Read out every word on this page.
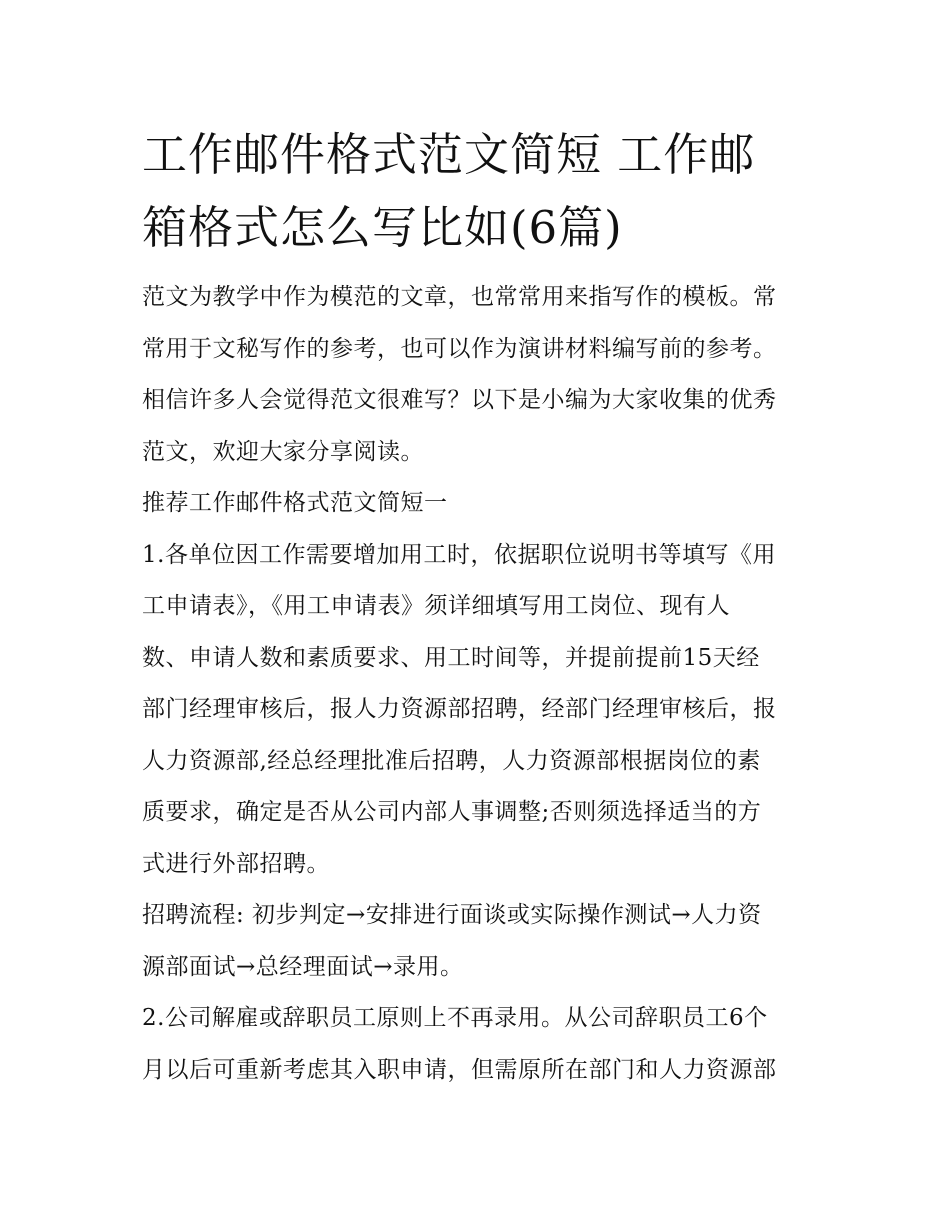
工作邮件格式范文简短 工作邮
箱格式怎么写比如(6篇)

范文为教学中作为模范的文章，也常常用来指写作的模板。常
常用于文秘写作的参考，也可以作为演讲材料编写前的参考。
相信许多人会觉得范文很难写？以下是小编为大家收集的优秀
范文，欢迎大家分享阅读。

推荐工作邮件格式范文简短一

1.各单位因工作需要增加用工时，依据职位说明书等填写《用
工申请表》，《用工申请表》须详细填写用工岗位、现有人
数、申请人数和素质要求、用工时间等，并提前提前15天经
部门经理审核后，报人力资源部招聘，经部门经理审核后，报
人力资源部,经总经理批准后招聘，人力资源部根据岗位的素
质要求，确定是否从公司内部人事调整;否则须选择适当的方
式进行外部招聘。

招聘流程: 初步判定→安排进行面谈或实际操作测试→人力资
源部面试→总经理面试→录用。

2.公司解雇或辞职员工原则上不再录用。从公司辞职员工6个
月以后可重新考虑其入职申请，但需原所在部门和人力资源部
